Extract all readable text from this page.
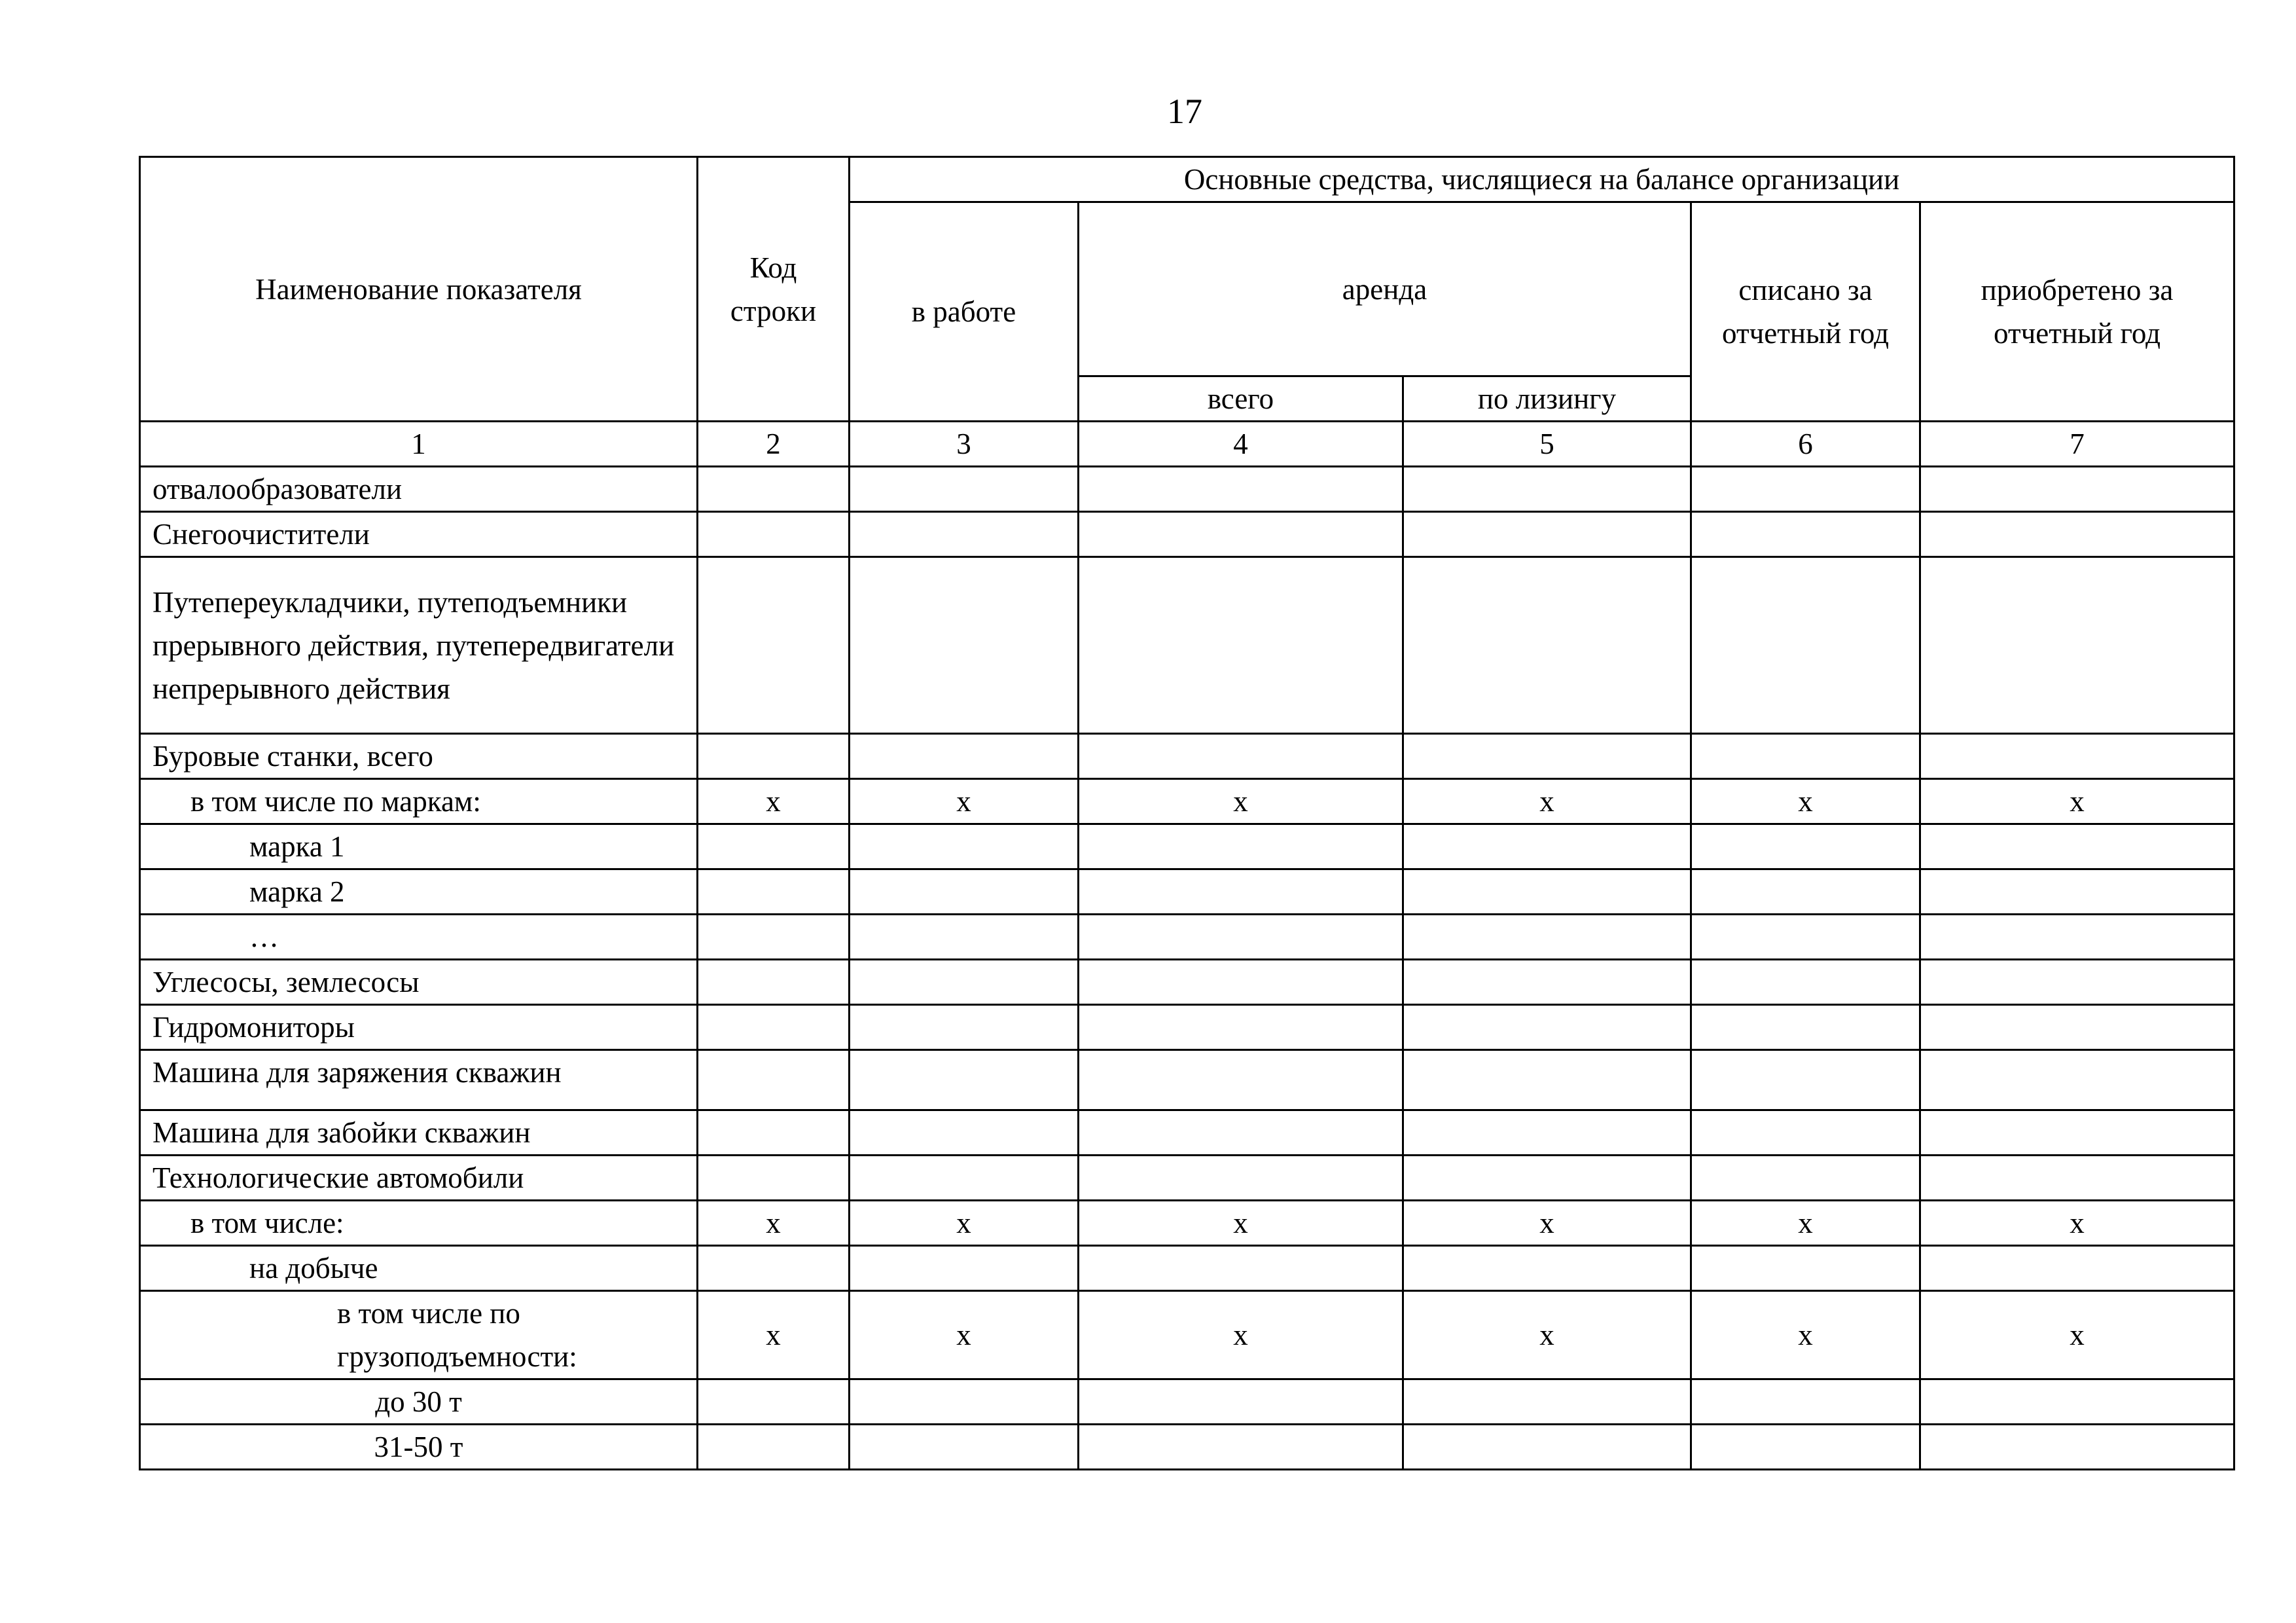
17
Наименование показателя	Код строки	Основные средства, числящиеся на балансе организации				
		в работе	аренда		списано за отчетный год	приобретено за отчетный год
			всего	по лизингу		
1	2	3	4	5	6	7
отвалообразователи						
Снегоочистители						
Путепереукладчики, путеподъемники прерывного действия, путепередвигатели непрерывного действия						
Буровые станки, всего						
в том числе по маркам:	x	x	x	x	x	x
марка 1						
марка 2						
…						
Углесосы, землесосы						
Гидромониторы						
Машина для заряжения скважин						
Машина для забойки скважин						
Технологические автомобили						
в том числе:	x	x	x	x	x	x
на добыче						
в том числе по грузоподъемности:	x	x	x	x	x	x
до 30 т						
31-50 т						
